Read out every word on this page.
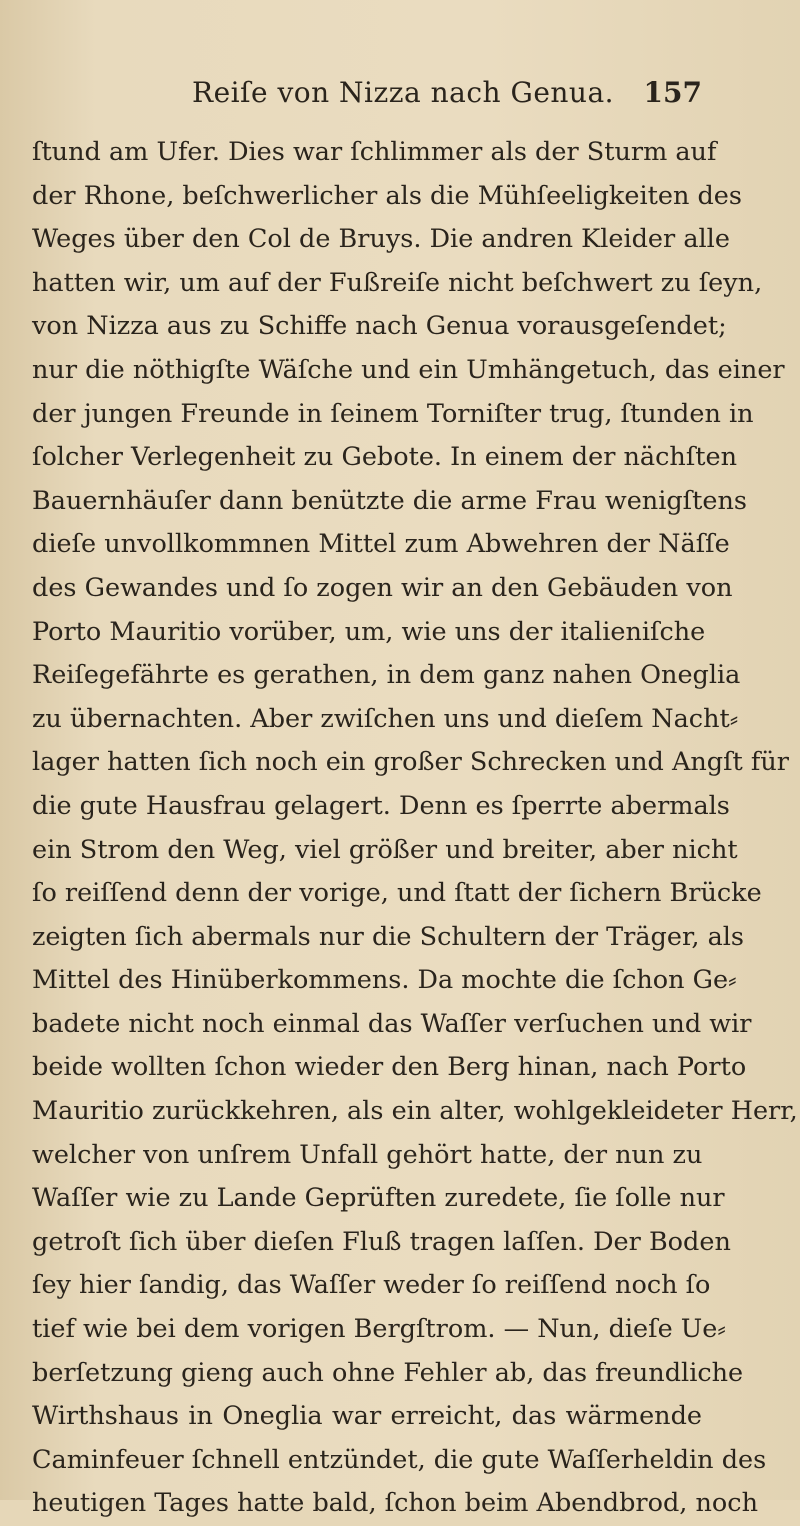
Reiſe von Nizza nach Genua. 157
ſtund am Ufer. Dies war ſchlimmer als der Sturm auf
der Rhone, beſchwerlicher als die Mühſeeligkeiten des
Weges über den Col de Bruys. Die andren Kleider alle
hatten wir, um auf der Fußreiſe nicht beſchwert zu ſeyn,
von Nizza aus zu Schiffe nach Genua vorausgeſendet;
nur die nöthigſte Wäſche und ein Umhängetuch, das einer
der jungen Freunde in ſeinem Torniſter trug, ſtunden in
ſolcher Verlegenheit zu Gebote. In einem der nächſten
Bauernhäuſer dann benützte die arme Frau wenigſtens
dieſe unvollkommnen Mittel zum Abwehren der Näſſe
des Gewandes und ſo zogen wir an den Gebäuden von
Porto Mauritio vorüber, um, wie uns der italieniſche
Reiſegefährte es gerathen, in dem ganz nahen Oneglia
zu übernachten. Aber zwiſchen uns und dieſem Nacht⸗
lager hatten ſich noch ein großer Schrecken und Angſt für
die gute Hausfrau gelagert. Denn es ſperrte abermals
ein Strom den Weg, viel größer und breiter, aber nicht
ſo reiſſend denn der vorige, und ſtatt der ſichern Brücke
zeigten ſich abermals nur die Schultern der Träger, als
Mittel des Hinüberkommens. Da mochte die ſchon Ge⸗
badete nicht noch einmal das Waſſer verſuchen und wir
beide wollten ſchon wieder den Berg hinan, nach Porto
Mauritio zurückkehren, als ein alter, wohlgekleideter Herr,
welcher von unſrem Unfall gehört hatte, der nun zu
Waſſer wie zu Lande Geprüften zuredete, ſie ſolle nur
getroſt ſich über dieſen Fluß tragen laſſen. Der Boden
ſey hier ſandig, das Waſſer weder ſo reiſſend noch ſo
tief wie bei dem vorigen Bergſtrom. — Nun, dieſe Ue⸗
berſetzung gieng auch ohne Fehler ab, das freundliche
Wirthshaus in Oneglia war erreicht, das wärmende
Caminfeuer ſchnell entzündet, die gute Waſſerheldin des
heutigen Tages hatte bald, ſchon beim Abendbrod, noch
